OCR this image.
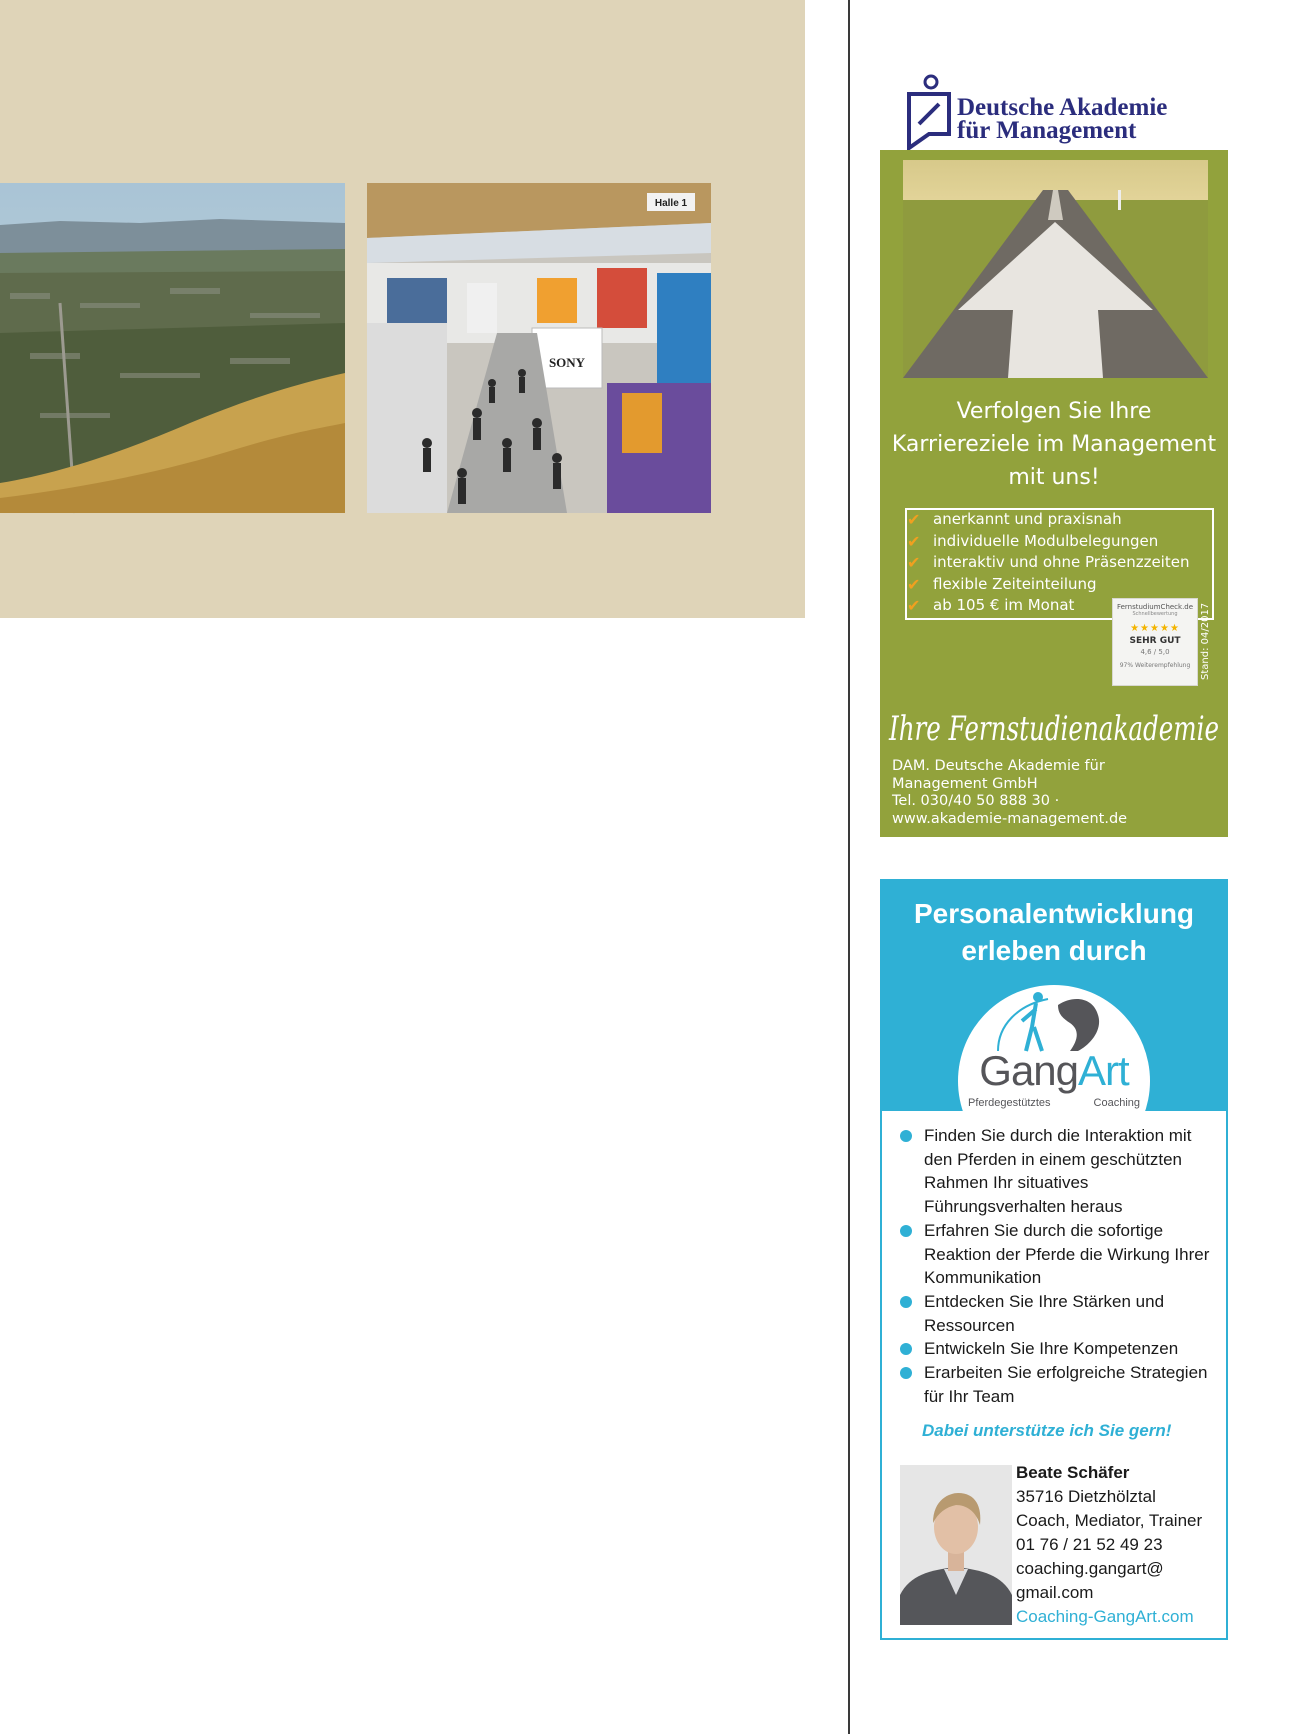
SONY
Halle 1
Deutsche Akademie
für Management
Verfolgen Sie Ihre
Karriereziele im Management
mit uns!
✔ anerkannt und praxisnah
✔ individuelle Modulbelegungen
✔ interaktiv und ohne Präsenzzeiten
✔ flexible Zeiteinteilung
✔ ab 105 € im Monat	FernstudiumCheck.de
Schnellbewertung
★★★★★
SEHR GUT
4,6 / 5,0
97% Weiterempfehlung Stand: 04/2017
Ihre Fernstudienakademie
DAM. Deutsche Akademie für
Management GmbH
Tel. 030/40 50 888 30 ·
www.akademie-management.de
Personalentwicklung
erleben durch
GangArt
Pferdegestütztes	Coaching
Finden Sie durch die Interaktion mit den Pferden in einem geschützten Rahmen Ihr situatives Führungsverhalten heraus
Erfahren Sie durch die sofortige Reaktion der Pferde die Wirkung Ihrer Kommunikation
Entdecken Sie Ihre Stärken und Ressourcen
Entwickeln Sie Ihre Kompetenzen
Erarbeiten Sie erfolgreiche Strategien für Ihr Team
Dabei unterstütze ich Sie gern!
Beate Schäfer
35716 Dietzhölztal
Coach, Mediator, Trainer
01 76 / 21 52 49 23
coaching.gangart@
gmail.com
Coaching-GangArt.com
